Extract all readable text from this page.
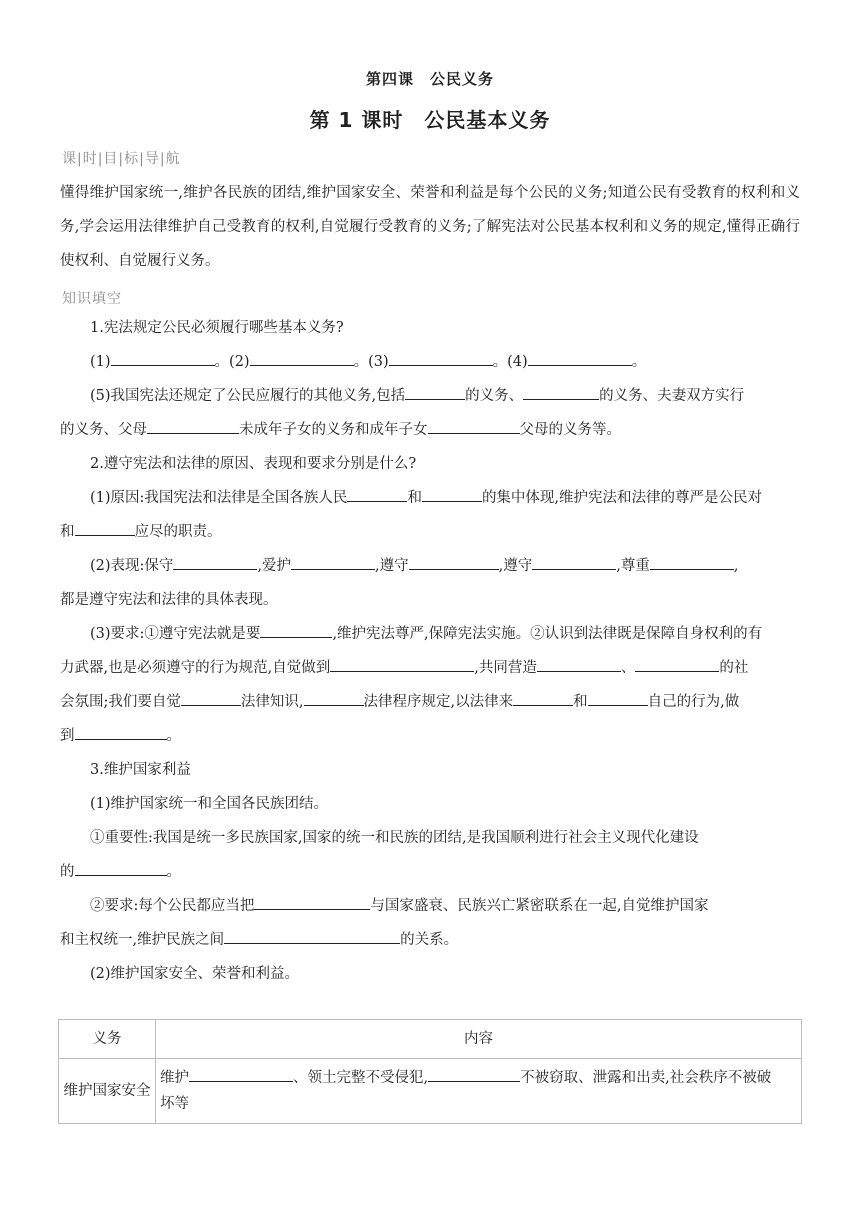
第四课　公民义务
第 1 课时　公民基本义务
课|时|目|标|导|航
懂得维护国家统一,维护各民族的团结,维护国家安全、荣誉和利益是每个公民的义务;知道公民有受教育的权利和义务,学会运用法律维护自己受教育的权利,自觉履行受教育的义务;了解宪法对公民基本权利和义务的规定,懂得正确行使权利、自觉履行义务。
知识填空
1.宪法规定公民必须履行哪些基本义务?
(1)	。(2)	。(3)	。(4)	。
(5)我国宪法还规定了公民应履行的其他义务,包括	的义务、	的义务、夫妻双方实行
的义务、父母	未成年子女的义务和成年子女	父母的义务等。
2.遵守宪法和法律的原因、表现和要求分别是什么?
(1)原因:我国宪法和法律是全国各族人民	和	的集中体现,维护宪法和法律的尊严是公民对
和	应尽的职责。
(2)表现:保守	,爱护	,遵守	,遵守	,尊重	,
都是遵守宪法和法律的具体表现。
(3)要求:①遵守宪法就是要	,维护宪法尊严,保障宪法实施。②认识到法律既是保障自身权利的有
力武器,也是必须遵守的行为规范,自觉做到	,共同营造	、	的社
会氛围;我们要自觉	法律知识,	法律程序规定,以法律来	和	自己的行为,做
到	。
3.维护国家利益
(1)维护国家统一和全国各民族团结。
①重要性:我国是统一多民族国家,国家的统一和民族的团结,是我国顺利进行社会主义现代化建设
的	。
②要求:每个公民都应当把	与国家盛衰、民族兴亡紧密联系在一起,自觉维护国家
和主权统一,维护民族之间	的关系。
(2)维护国家安全、荣誉和利益。
义务	内容
维护国家安全	维护 、领土完整不受侵犯, 不被窃取、泄露和出卖,社会秩序不被破
坏等
